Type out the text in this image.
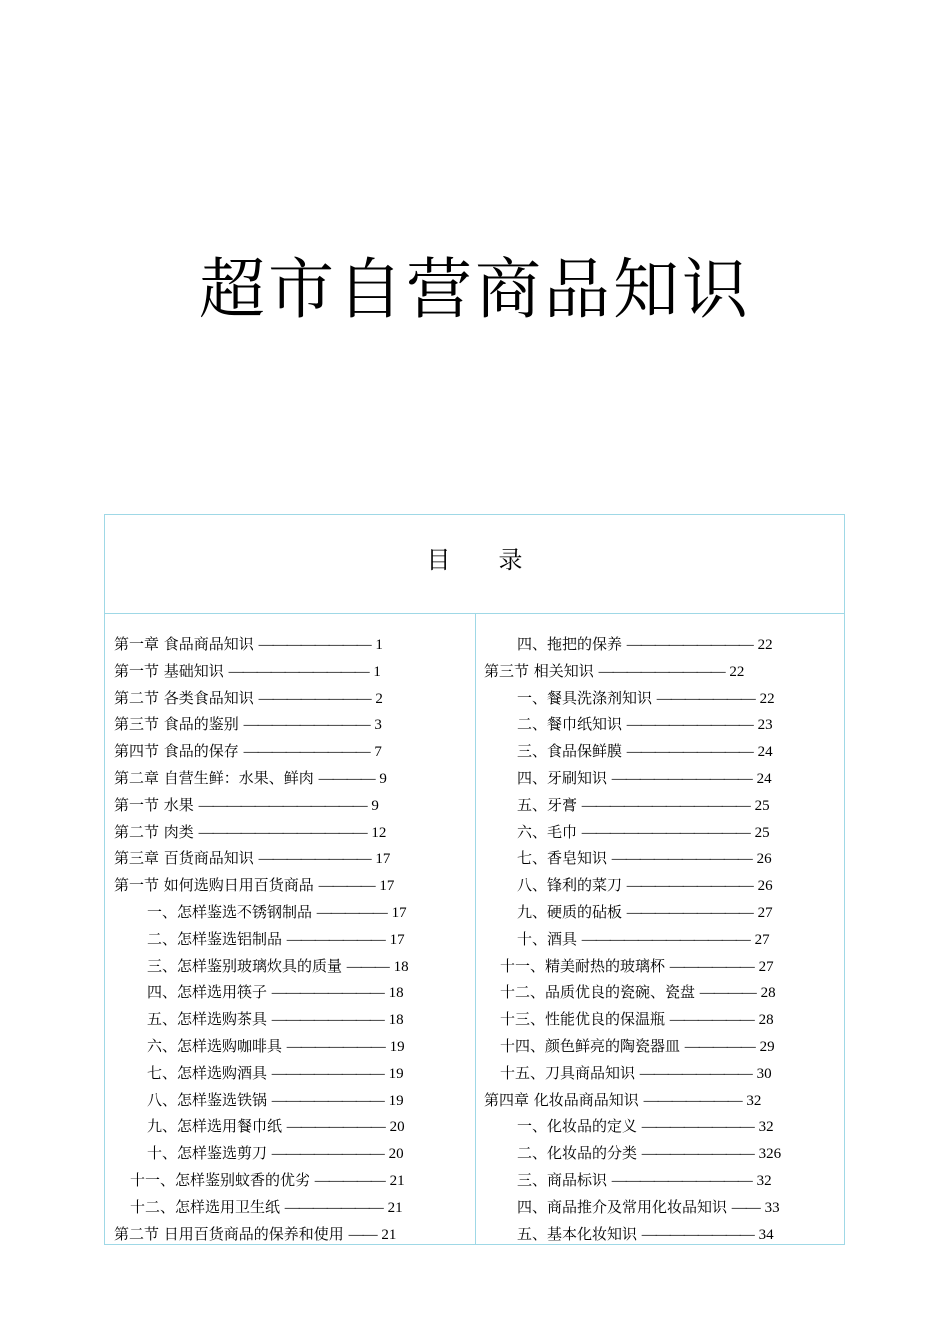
超市自营商品知识
目录
第一章 食品商品知识 ———————— 1
第一节 基础知识 —————————— 1
第二节 各类食品知识 ———————— 2
第三节 食品的鉴别 ————————— 3
第四节 食品的保存 ————————— 7
第二章 自营生鲜：水果、鲜肉 ———— 9
第一节 水果 ———————————— 9
第二节 肉类 ———————————— 12
第三章 百货商品知识 ———————— 17
第一节 如何选购日用百货商品 ———— 17
一、怎样鉴选不锈钢制品 ————— 17
二、怎样鉴选铝制品 ——————— 17
三、怎样鉴别玻璃炊具的质量 ——— 18
四、怎样选用筷子 ———————— 18
五、怎样选购茶具 ———————— 18
六、怎样选购咖啡具 ——————— 19
七、怎样选购酒具 ———————— 19
八、怎样鉴选铁锅 ———————— 19
九、怎样选用餐巾纸 ——————— 20
十、怎样鉴选剪刀 ———————— 20
十一、怎样鉴别蚊香的优劣 ————— 21
十二、怎样选用卫生纸 ——————— 21
第二节 日用百货商品的保养和使用 —— 21
四、拖把的保养 ————————— 22
第三节 相关知识 ————————— 22
一、餐具洗涤剂知识 ——————— 22
二、餐巾纸知识 ————————— 23
三、食品保鲜膜 ————————— 24
四、牙刷知识 —————————— 24
五、牙膏 ———————————— 25
六、毛巾 ———————————— 25
七、香皂知识 —————————— 26
八、锋利的菜刀 ————————— 26
九、硬质的砧板 ————————— 27
十、酒具 ———————————— 27
十一、精美耐热的玻璃杯 —————— 27
十二、品质优良的瓷碗、瓷盘 ———— 28
十三、性能优良的保温瓶 —————— 28
十四、颜色鲜亮的陶瓷器皿 ————— 29
十五、刀具商品知识 ———————— 30
第四章 化妆品商品知识 ——————— 32
一、化妆品的定义 ———————— 32
二、化妆品的分类 ———————— 326
三、商品标识 —————————— 32
四、商品推介及常用化妆品知识 —— 33
五、基本化妆知识 ———————— 34
